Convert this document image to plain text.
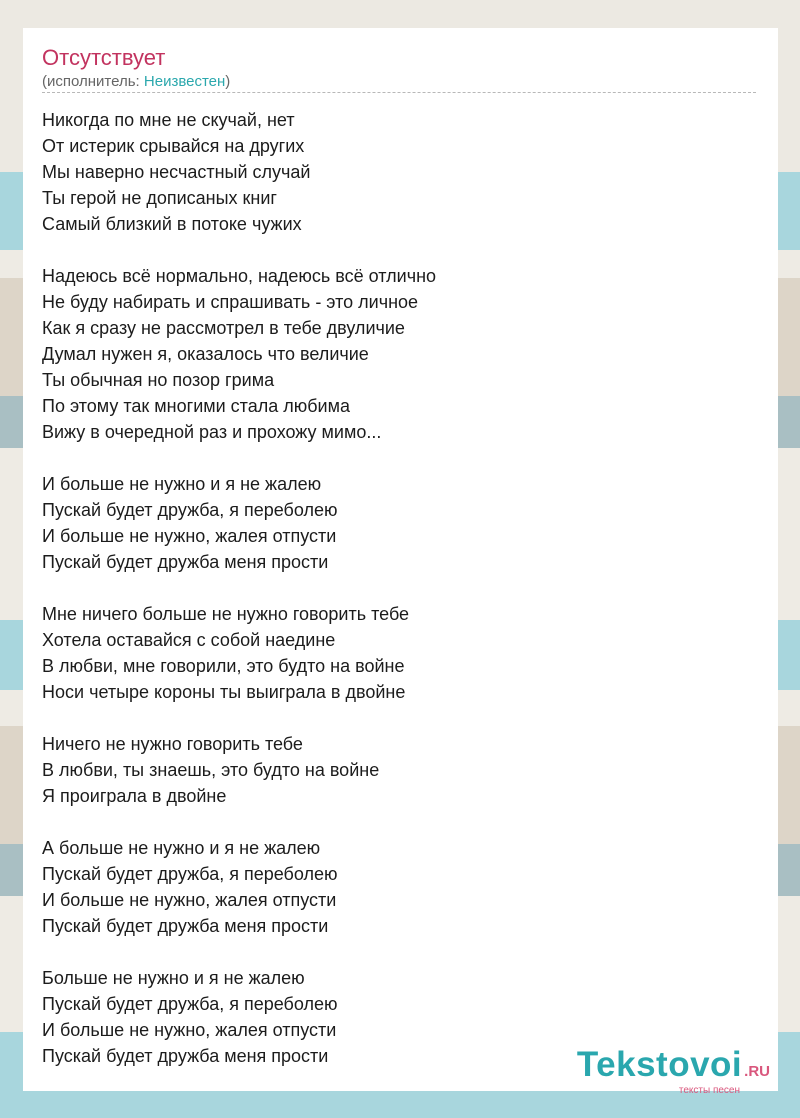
Отсутствует
(исполнитель: Неизвестен)
Никогда по мне не скучай, нет
От истерик срывайся на других
Мы наверно несчастный случай
Ты герой не дописаных книг
Самый близкий в потоке чужих
Надеюсь всё нормально, надеюсь всё отлично
Не буду набирать и спрашивать - это личное
Как я сразу не рассмотрел в тебе двуличие
Думал нужен я, оказалось что величие
Ты обычная но позор грима
По этому так многими стала любима
Вижу в очередной раз и прохожу мимо...
И больше не нужно и я не жалею
Пускай будет дружба, я переболею
И больше не нужно, жалея отпусти
Пускай будет дружба меня прости
Мне ничего больше не нужно говорить тебе
Хотела оставайся с собой наедине
В любви, мне говорили, это будто на войне
Носи четыре короны ты выиграла в двойне
Ничего не нужно говорить тебе
В любви, ты знаешь, это будто на войне
Я проиграла в двойне
А больше не нужно и я не жалею
Пускай будет дружба, я переболею
И больше не нужно, жалея отпусти
Пускай будет дружба меня прости
Больше не нужно и я не жалею
Пускай будет дружба, я переболею
И больше не нужно, жалея отпусти
Пускай будет дружба меня прости	Tekstovoi .RU
тексты песен
